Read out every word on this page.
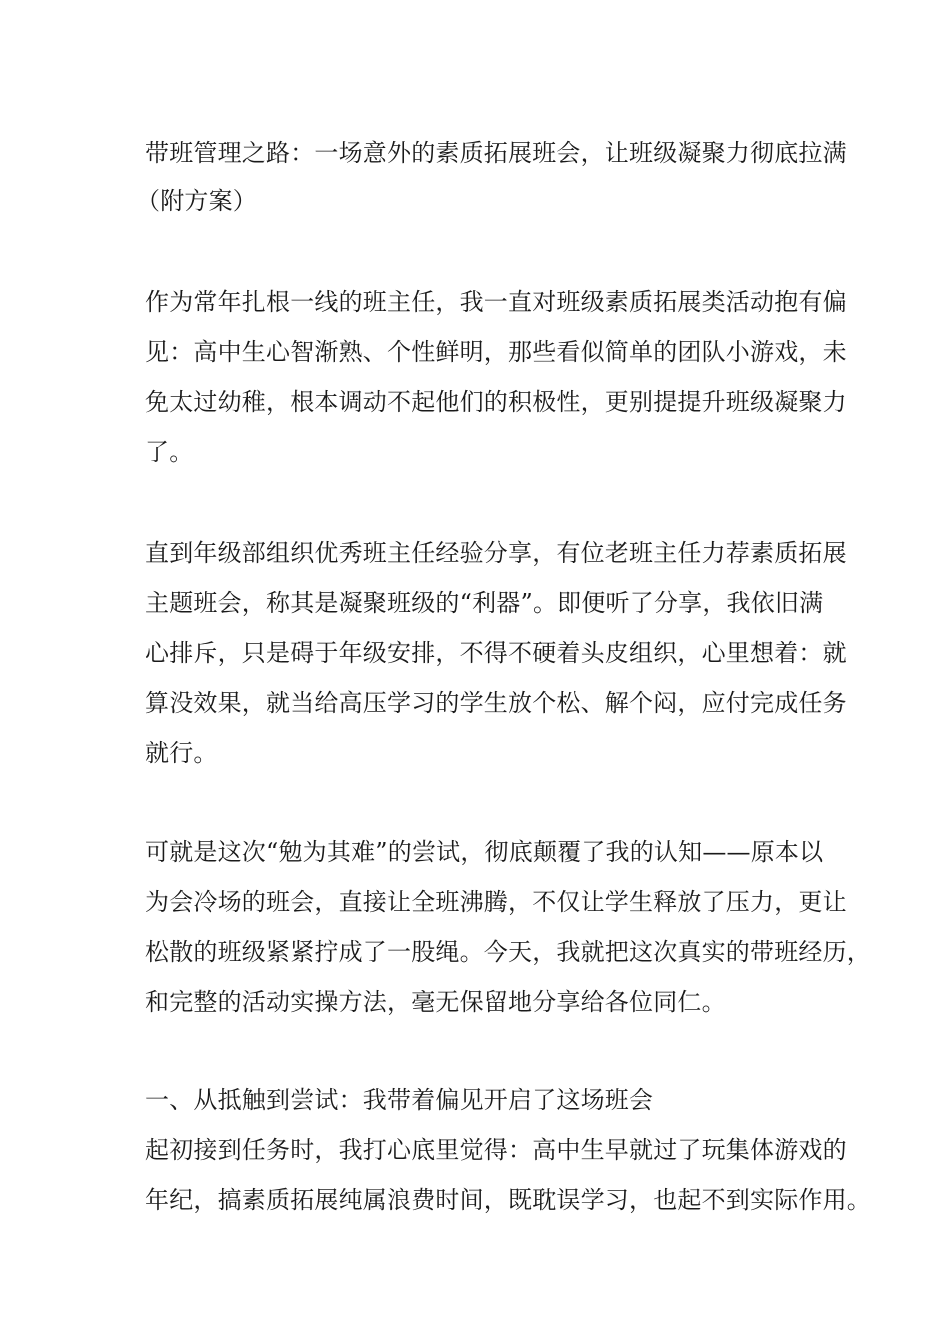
带班管理之路：一场意外的素质拓展班会，让班级凝聚力彻底拉满
（附方案）
作为常年扎根一线的班主任，我一直对班级素质拓展类活动抱有偏
见：高中生心智渐熟、个性鲜明，那些看似简单的团队小游戏，未
免太过幼稚，根本调动不起他们的积极性，更别提提升班级凝聚力
了。
直到年级部组织优秀班主任经验分享，有位老班主任力荐素质拓展
主题班会，称其是凝聚班级的“利器”。即便听了分享，我依旧满
心排斥，只是碍于年级安排，不得不硬着头皮组织，心里想着：就
算没效果，就当给高压学习的学生放个松、解个闷，应付完成任务
就行。
可就是这次“勉为其难”的尝试，彻底颠覆了我的认知——原本以
为会冷场的班会，直接让全班沸腾，不仅让学生释放了压力，更让
松散的班级紧紧拧成了一股绳。今天，我就把这次真实的带班经历，
和完整的活动实操方法，毫无保留地分享给各位同仁。
一、从抵触到尝试：我带着偏见开启了这场班会
起初接到任务时，我打心底里觉得：高中生早就过了玩集体游戏的
年纪，搞素质拓展纯属浪费时间，既耽误学习，也起不到实际作用。
